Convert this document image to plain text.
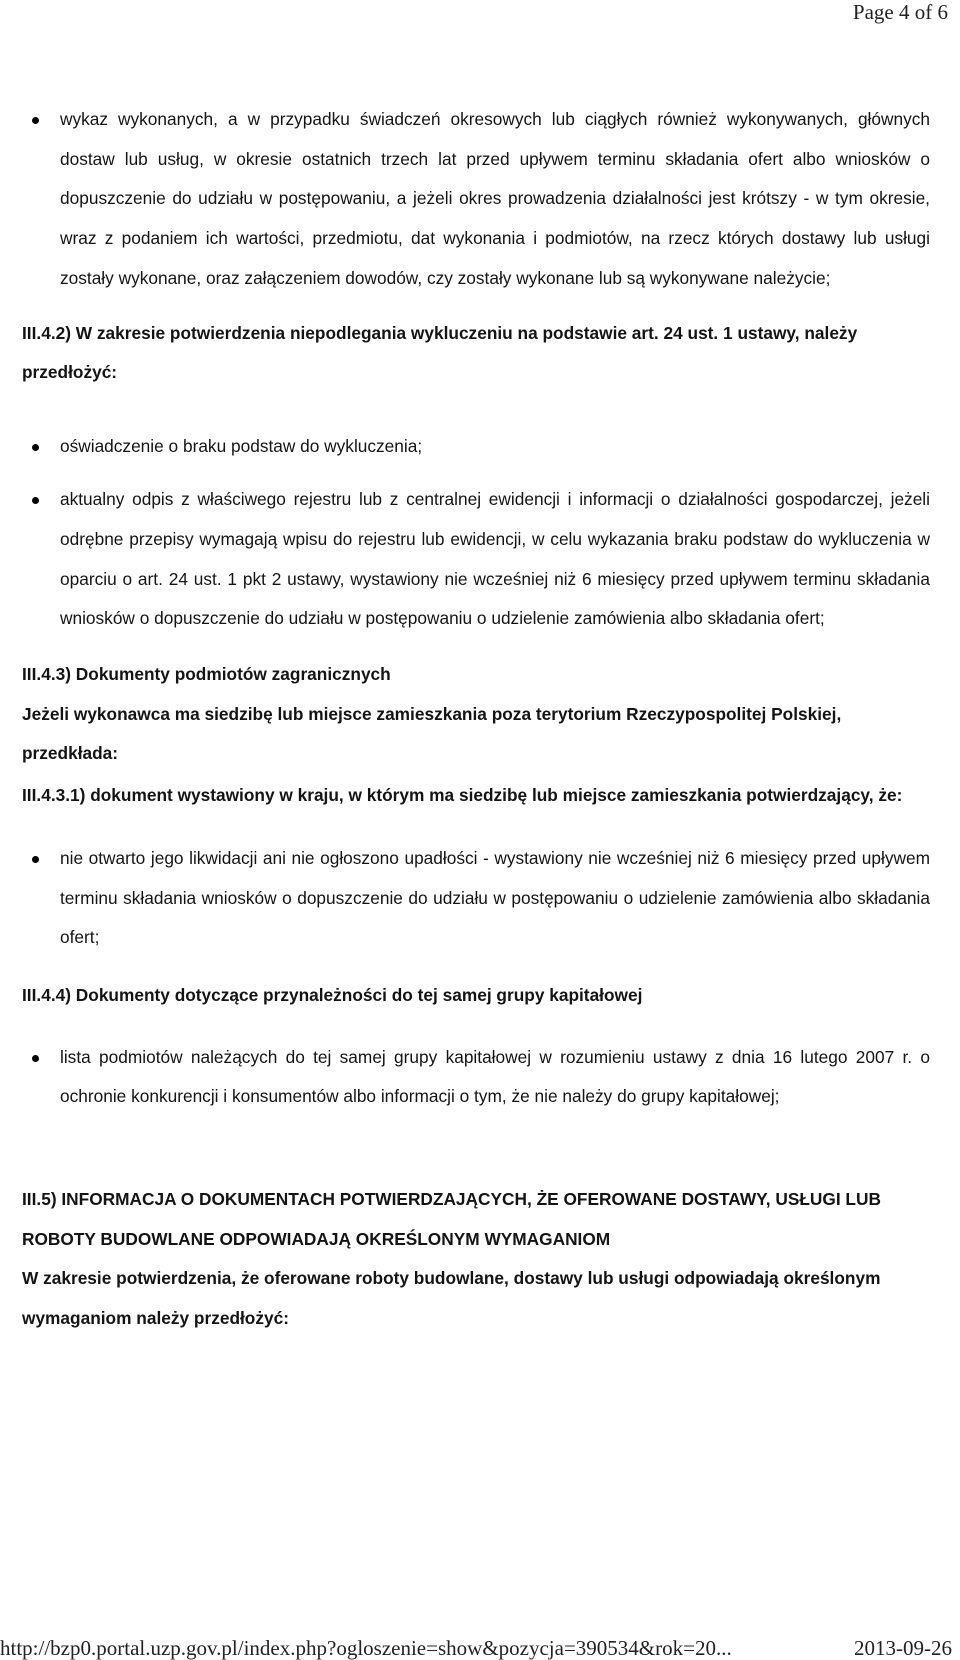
Page 4 of 6
wykaz wykonanych, a w przypadku świadczeń okresowych lub ciągłych również wykonywanych, głównych dostaw lub usług, w okresie ostatnich trzech lat przed upływem terminu składania ofert albo wniosków o dopuszczenie do udziału w postępowaniu, a jeżeli okres prowadzenia działalności jest krótszy - w tym okresie, wraz z podaniem ich wartości, przedmiotu, dat wykonania i podmiotów, na rzecz których dostawy lub usługi zostały wykonane, oraz załączeniem dowodów, czy zostały wykonane lub są wykonywane należycie;
III.4.2) W zakresie potwierdzenia niepodlegania wykluczeniu na podstawie art. 24 ust. 1 ustawy, należy przedłożyć:
oświadczenie o braku podstaw do wykluczenia;
aktualny odpis z właściwego rejestru lub z centralnej ewidencji i informacji o działalności gospodarczej, jeżeli odrębne przepisy wymagają wpisu do rejestru lub ewidencji, w celu wykazania braku podstaw do wykluczenia w oparciu o art. 24 ust. 1 pkt 2 ustawy, wystawiony nie wcześniej niż 6 miesięcy przed upływem terminu składania wniosków o dopuszczenie do udziału w postępowaniu o udzielenie zamówienia albo składania ofert;
III.4.3) Dokumenty podmiotów zagranicznych
Jeżeli wykonawca ma siedzibę lub miejsce zamieszkania poza terytorium Rzeczypospolitej Polskiej, przedkłada:
III.4.3.1) dokument wystawiony w kraju, w którym ma siedzibę lub miejsce zamieszkania potwierdzający, że:
nie otwarto jego likwidacji ani nie ogłoszono upadłości - wystawiony nie wcześniej niż 6 miesięcy przed upływem terminu składania wniosków o dopuszczenie do udziału w postępowaniu o udzielenie zamówienia albo składania ofert;
III.4.4) Dokumenty dotyczące przynależności do tej samej grupy kapitałowej
lista podmiotów należących do tej samej grupy kapitałowej w rozumieniu ustawy z dnia 16 lutego 2007 r. o ochronie konkurencji i konsumentów albo informacji o tym, że nie należy do grupy kapitałowej;
III.5) INFORMACJA O DOKUMENTACH POTWIERDZAJĄCYCH, ŻE OFEROWANE DOSTAWY, USŁUGI LUB ROBOTY BUDOWLANE ODPOWIADAJĄ OKREŚLONYM WYMAGANIOM
W zakresie potwierdzenia, że oferowane roboty budowlane, dostawy lub usługi odpowiadają określonym wymaganiom należy przedłożyć:
http://bzp0.portal.uzp.gov.pl/index.php?ogloszenie=show&pozycja=390534&rok=20...	2013-09-26
